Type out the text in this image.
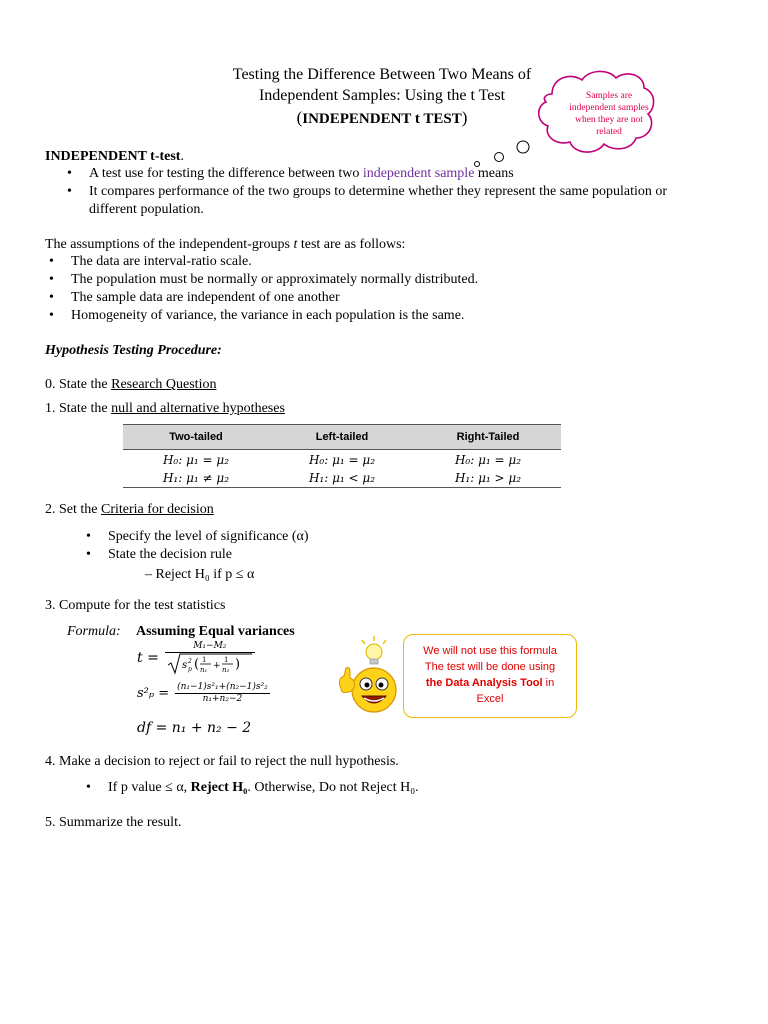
Testing the Difference Between Two Means of
Independent Samples: Using the t Test
(INDEPENDENT t TEST)
Samples are
independent samples
when they are not
related
INDEPENDENT t-test.
• A test use for testing the difference between two independent sample means
• It compares performance of the two groups to determine whether they represent the same population or different population.
The assumptions of the independent-groups t test are as follows:
• The data are interval-ratio scale.
• The population must be normally or approximately normally distributed.
• The sample data are independent of one another
• Homogeneity of variance, the variance in each population is the same.
Hypothesis Testing Procedure:
0. State the Research Question
1. State the null and alternative hypotheses
Two-tailed	Left-tailed	Right-Tailed
H₀: μ₁ = μ₂	H₀: μ₁ = μ₂	H₀: μ₁ = μ₂
H₁: μ₁ ≠ μ₂	H₁: μ₁ < μ₂	H₁: μ₁ > μ₂
2. Set the Criteria for decision
• Specify the level of significance (α)
• State the decision rule
– Reject H₀ if p ≤ α
3. Compute for the test statistics
Formula: Assuming Equal variances
t =
M₁−M₂
s 2
p ( 1
n₁ +
1
n₂ )
$s^2_p = \frac{\text{(n₁−1)s²₁+(n₂−1)s²₂}}{\text{n₁+n₂−2}}$
df = n₁ + n₂ − 2
We will not use this formula
The test will be done using
the Data Analysis Tool in
Excel
4. Make a decision to reject or fail to reject the null hypothesis.
• If p value ≤ α, Reject H₀. Otherwise, Do not Reject H₀.
5. Summarize the result.
